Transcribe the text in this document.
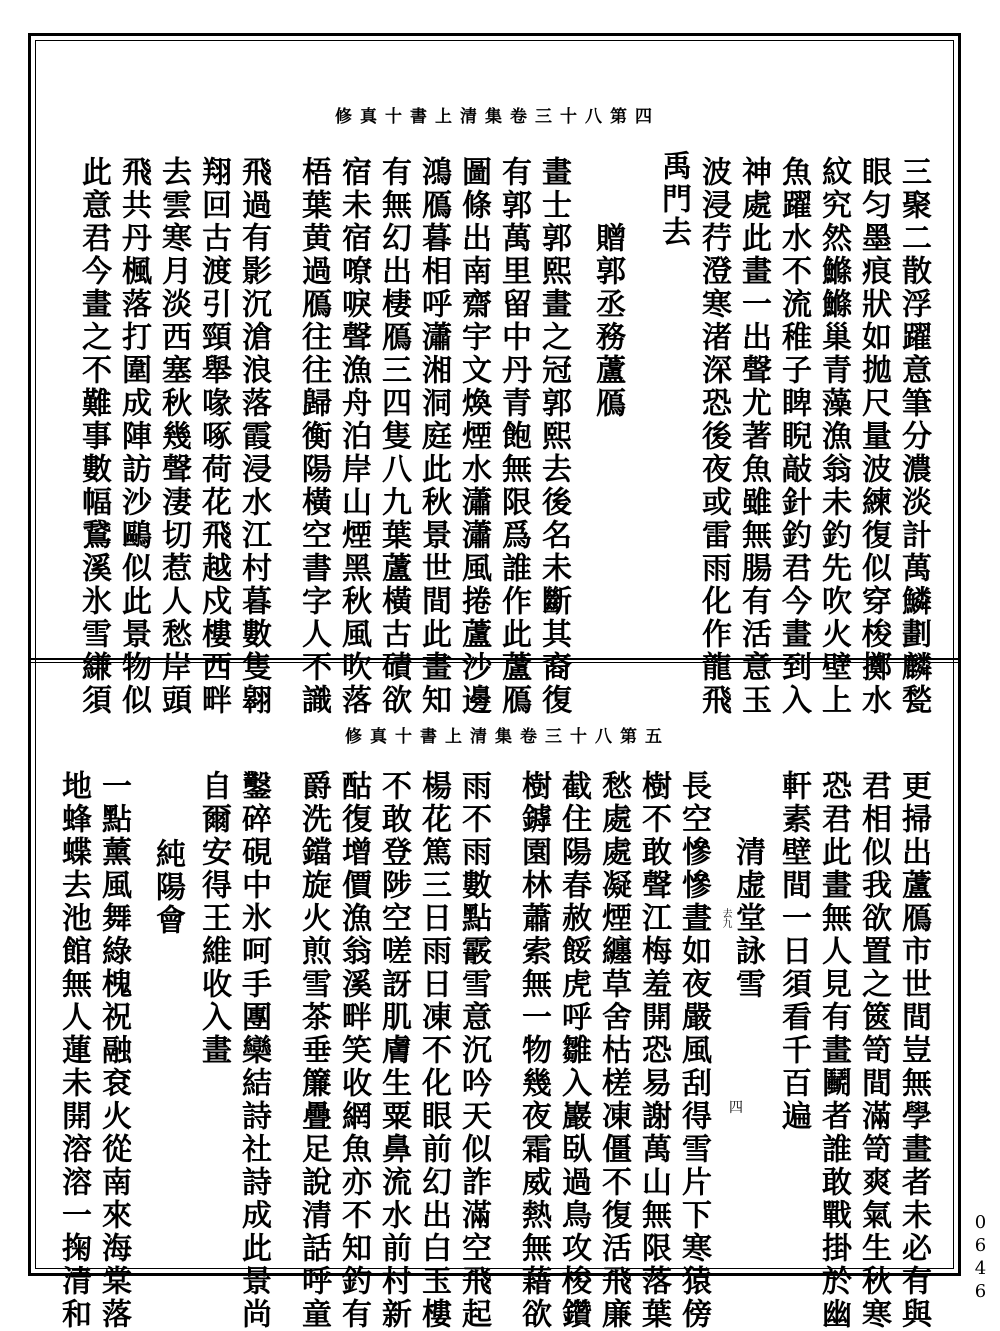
修真十書上清集卷三十八第四
三聚二散浮躍意筆分濃淡計萬鱗劃麟甃
眼匀墨痕狀如拋尺量波練復似穿梭擲水
紋究然鰷鰷巢青藻漁翁未釣先吹火壁上
魚躍水不流稚子睥睨敲針釣君今畫到入
神處此畫一出聲尤著魚雖無腸有活意玉
波浸荇澄寒渚深恐後夜或雷雨化作龍飛
禹門去
贈郭丞務蘆鴈
畫士郭熙畫之冠郭熙去後名未斷其裔復
有郭萬里留中丹青飽無限爲誰作此蘆鴈
圖條出南齋宇文煥煙水瀟瀟風捲蘆沙邊
鴻鴈暮相呼瀟湘洞庭此秋景世間此畫知
有無幻出棲鴈三四隻八九葉蘆橫古磧欲
宿未宿嘹唳聲漁舟泊岸山煙黑秋風吹落
梧葉黄過鴈往往歸衡陽橫空書字人不識
飛過有影沉滄浪落霞浸水江村暮數隻翱
翔回古渡引頸舉喙啄荷花飛越戍樓西畔
去雲寒月淡西塞秋幾聲淒切惹人愁岸頭
飛共丹楓落打圍成陣訪沙鷗似此景物似
此意君今畫之不難事數幅鵞溪氷雪縑須
修真十書上清集卷三十八第五
更掃出蘆鴈市世間豈無學畫者未必有與
君相似我欲置之篋笥間滿笥爽氣生秋寒
恐君此畫無人見有畫鬭者誰敢戰掛於幽
軒素壁間一日須看千百遍
清虚堂詠雪
長空慘慘晝如夜嚴風刮得雪片下寒猿傍
樹不敢聲江梅羞開恐易謝萬山無限落葉
愁處處凝煙纏草舍枯槎凍僵不復活飛廉
截住陽春赦餒虎呼雛入巖臥過鳥攻梭鑽
樹鏬園林蕭索無一物幾夜霜威熱無藉欲
雨不雨數點霰雪意沉吟天似詐滿空飛起
楊花篤三日雨日凍不化眼前幻出白玉樓
不敢登陟空嗟訝肌膚生粟鼻流水前村新
酤復增價漁翁溪畔笑收網魚亦不知釣有
爵洗鐺旋火煎雪茶垂簾疊足說清話呼童
鑿碎硯中氷呵手團欒結詩社詩成此景尚
自爾安得王維收入畫
純陽會
一點薰風舞綠槐祝融袞火從南來海棠落
地蜂蝶去池館無人蓮未開溶溶一掬清和	去九
四
0646
